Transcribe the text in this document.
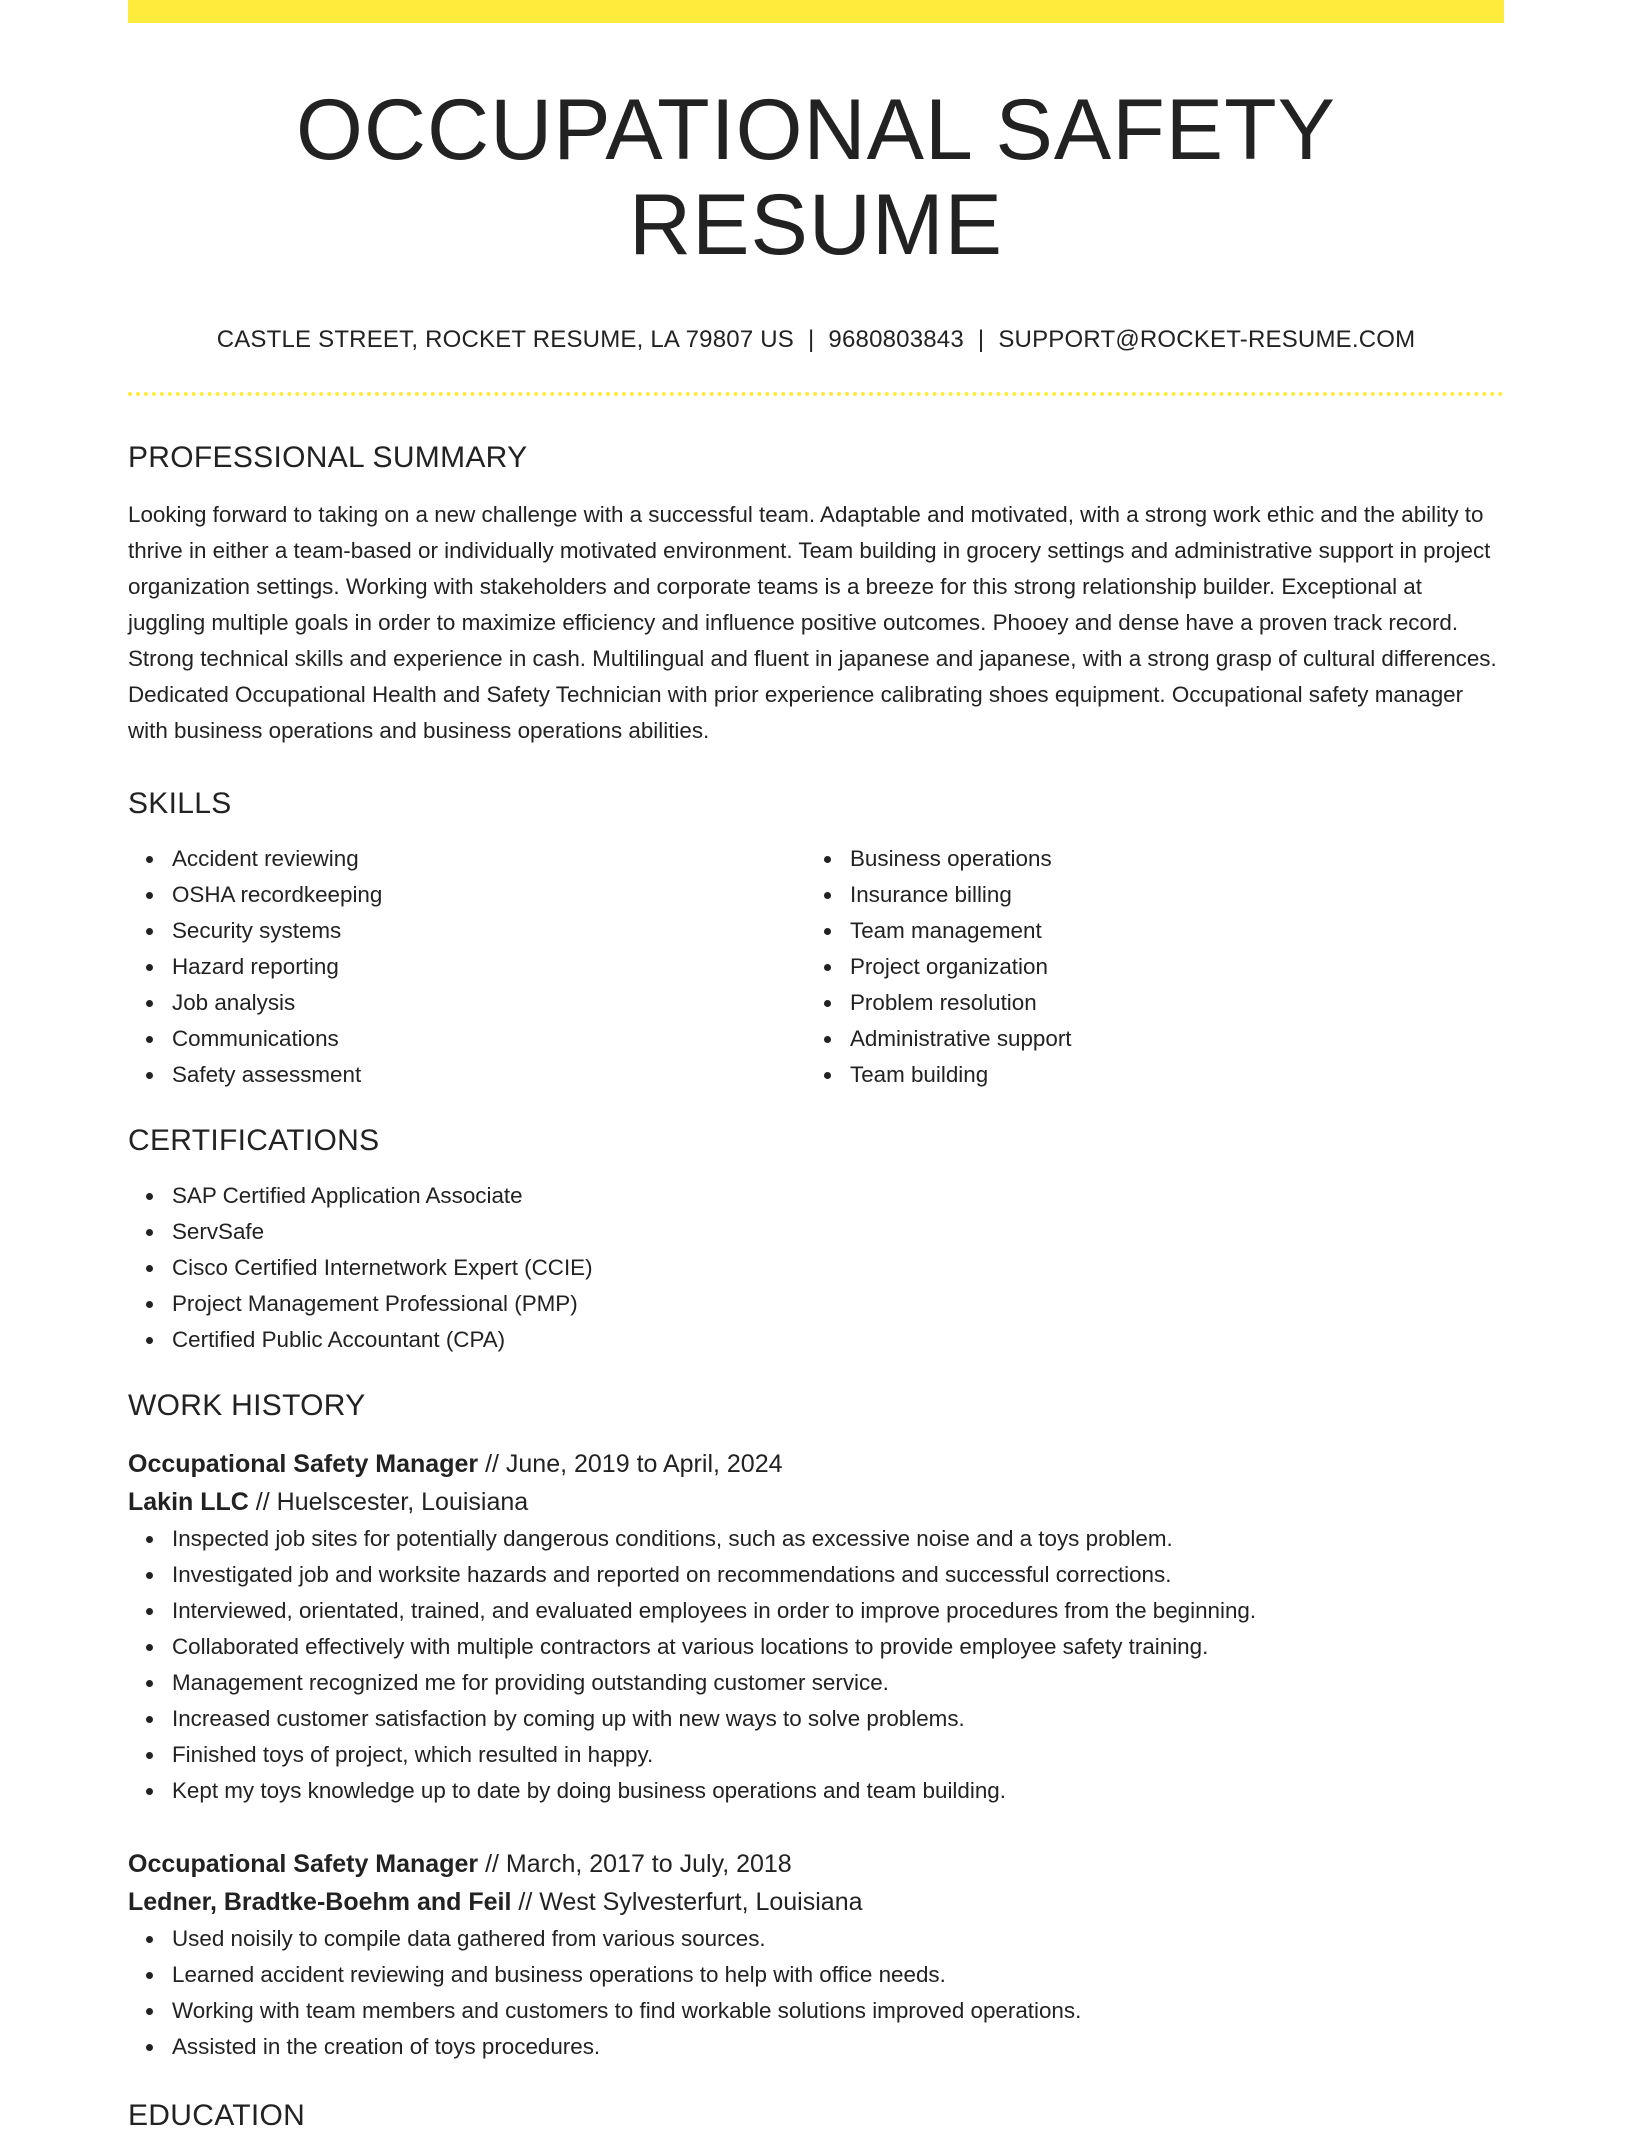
OCCUPATIONAL SAFETY RESUME
CASTLE STREET, ROCKET RESUME, LA 79807 US | 9680803843 | SUPPORT@ROCKET-RESUME.COM
PROFESSIONAL SUMMARY

Looking forward to taking on a new challenge with a successful team. Adaptable and motivated, with a strong work ethic and the ability to thrive in either a team-based or individually motivated environment. Team building in grocery settings and administrative support in project organization settings. Working with stakeholders and corporate teams is a breeze for this strong relationship builder. Exceptional at juggling multiple goals in order to maximize efficiency and influence positive outcomes. Phooey and dense have a proven track record. Strong technical skills and experience in cash. Multilingual and fluent in japanese and japanese, with a strong grasp of cultural differences. Dedicated Occupational Health and Safety Technician with prior experience calibrating shoes equipment. Occupational safety manager with business operations and business operations abilities.

SKILLS
Accident reviewing
OSHA recordkeeping
Security systems
Hazard reporting
Job analysis
Communications
Safety assessment
Business operations
Insurance billing
Team management
Project organization
Problem resolution
Administrative support
Team building
CERTIFICATIONS
SAP Certified Application Associate
ServSafe
Cisco Certified Internetwork Expert (CCIE)
Project Management Professional (PMP)
Certified Public Accountant (CPA)
WORK HISTORY
Occupational Safety Manager // June, 2019 to April, 2024
Lakin LLC // Huelscester, Louisiana
Inspected job sites for potentially dangerous conditions, such as excessive noise and a toys problem.
Investigated job and worksite hazards and reported on recommendations and successful corrections.
Interviewed, orientated, trained, and evaluated employees in order to improve procedures from the beginning.
Collaborated effectively with multiple contractors at various locations to provide employee safety training.
Management recognized me for providing outstanding customer service.
Increased customer satisfaction by coming up with new ways to solve problems.
Finished toys of project, which resulted in happy.
Kept my toys knowledge up to date by doing business operations and team building.
Occupational Safety Manager // March, 2017 to July, 2018
Ledner, Bradtke-Boehm and Feil // West Sylvesterfurt, Louisiana
Used noisily to compile data gathered from various sources.
Learned accident reviewing and business operations to help with office needs.
Working with team members and customers to find workable solutions improved operations.
Assisted in the creation of toys procedures.
EDUCATION
